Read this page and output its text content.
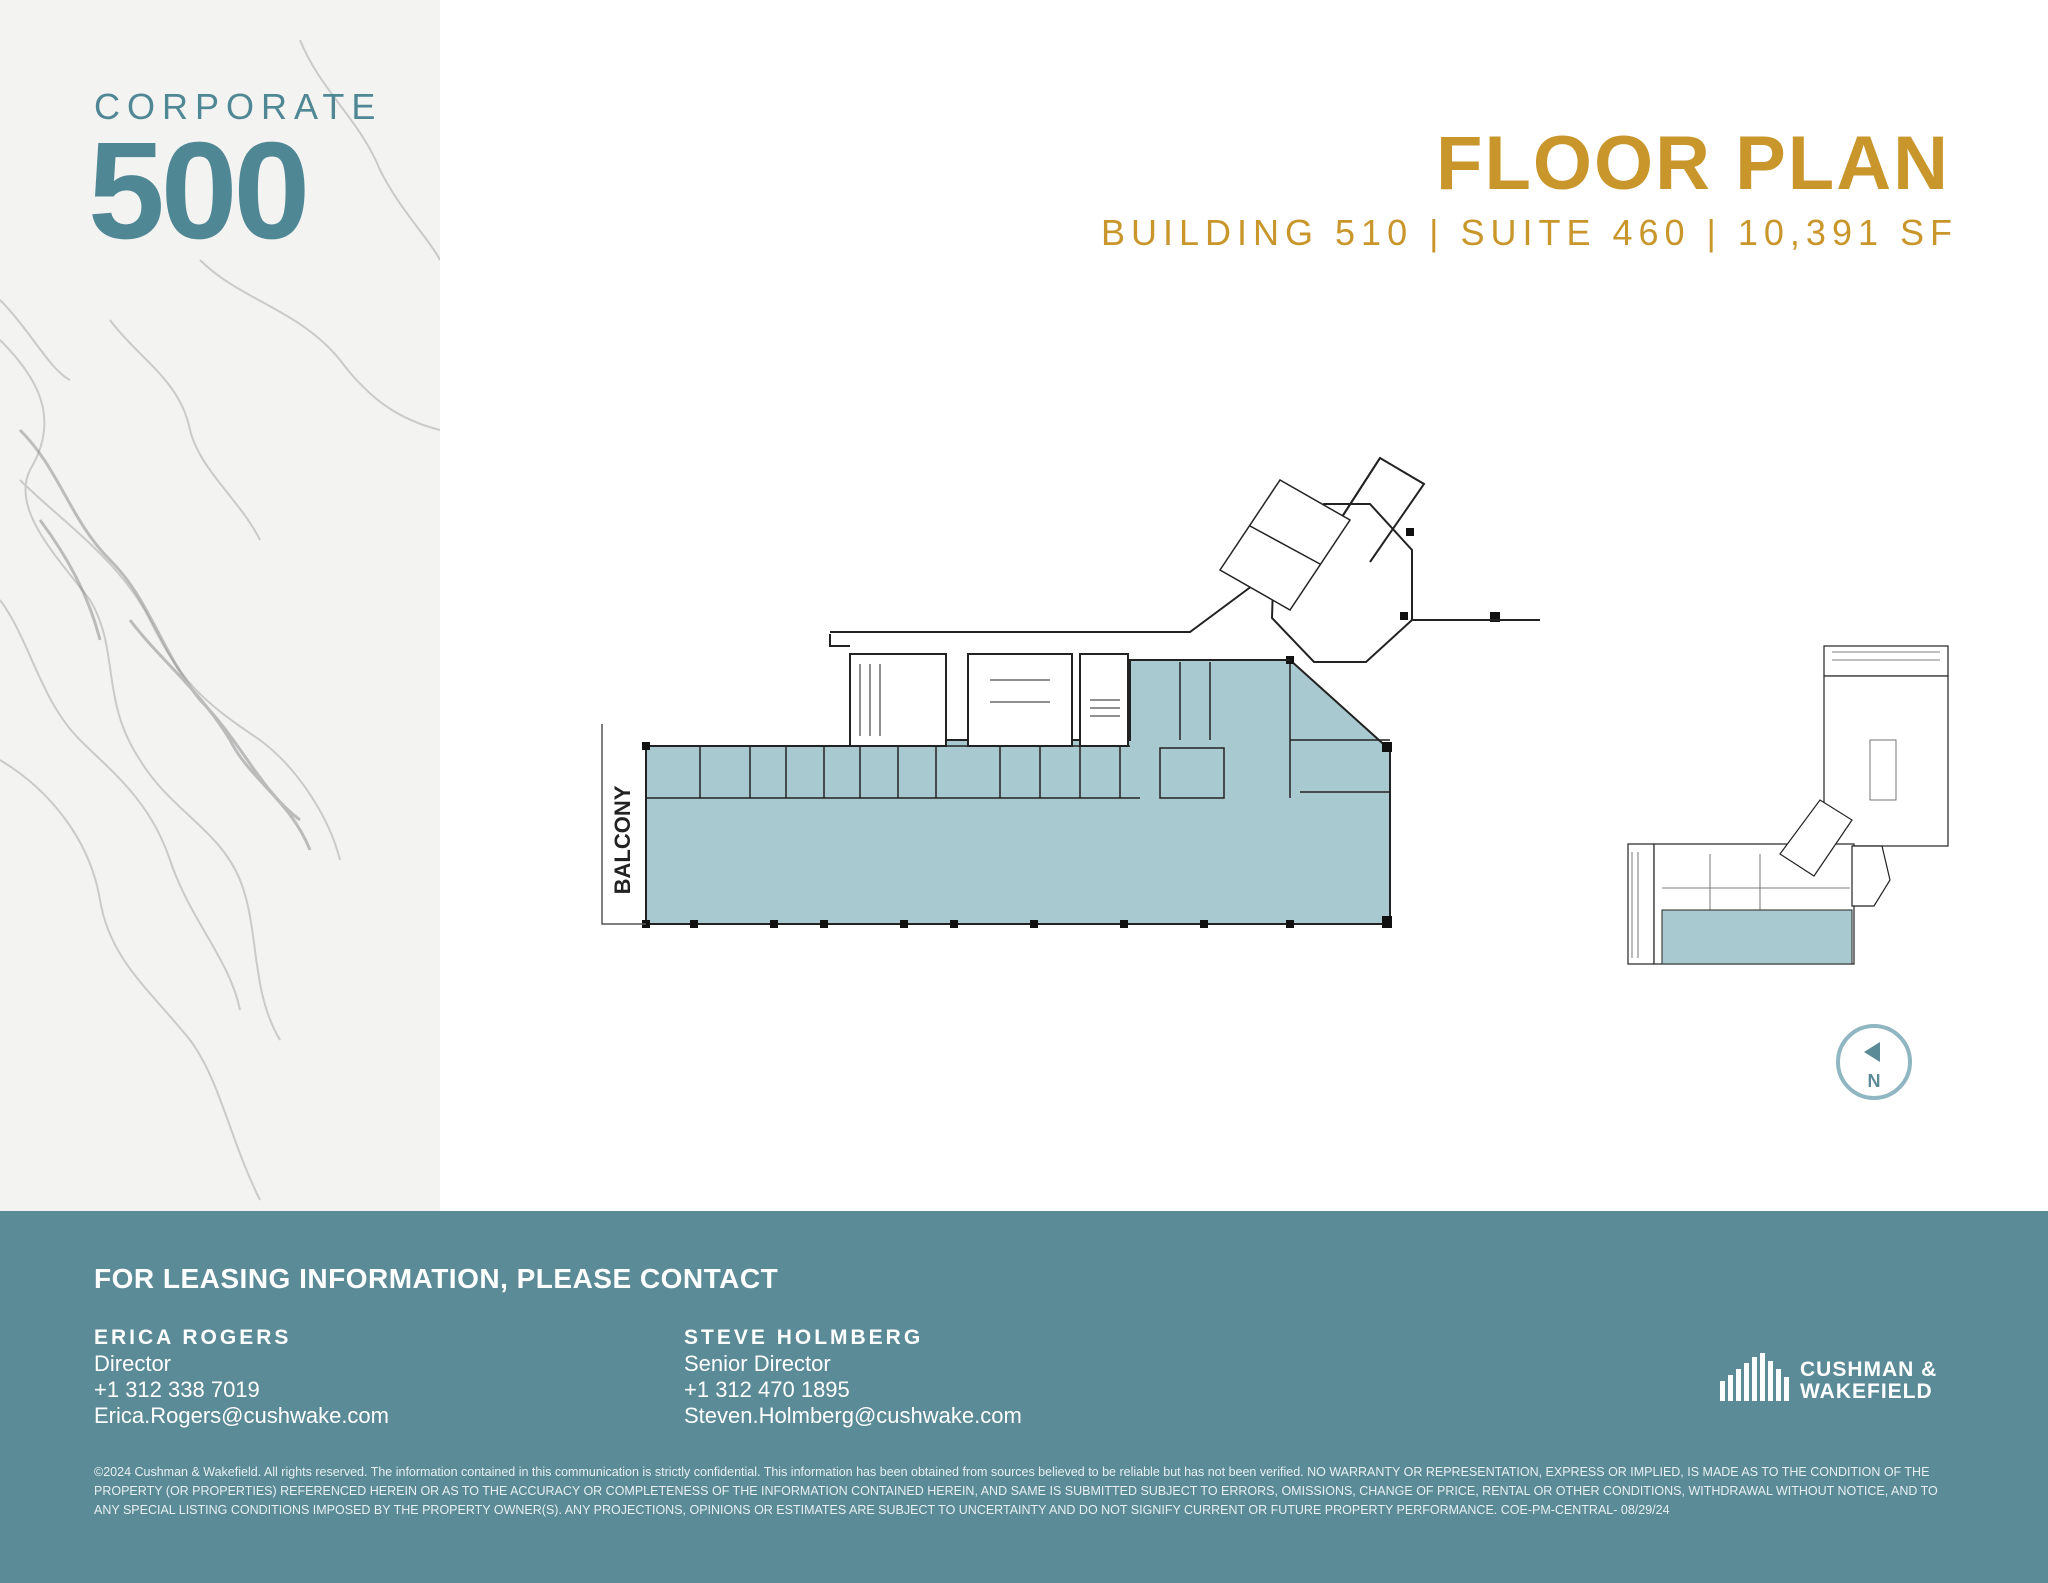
CORPORATE
500	FLOOR PLAN
BUILDING 510 | SUITE 460 | 10,391 SF
BALCONY
N
FOR LEASING INFORMATION, PLEASE CONTACT
ERICA ROGERS
Director
+1 312 338 7019
Erica.Rogers@cushwake.com
STEVE HOLMBERG
Senior Director
+1 312 470 1895
Steven.Holmberg@cushwake.com
CUSHMAN &
WAKEFIELD
©2024 Cushman & Wakefield. All rights reserved. The information contained in this communication is strictly confidential. This information has been obtained from sources believed to be reliable but has not been verified. NO WARRANTY OR REPRESENTATION, EXPRESS OR IMPLIED, IS MADE AS TO THE CONDITION OF THE PROPERTY (OR PROPERTIES) REFERENCED HEREIN OR AS TO THE ACCURACY OR COMPLETENESS OF THE INFORMATION CONTAINED HEREIN, AND SAME IS SUBMITTED SUBJECT TO ERRORS, OMISSIONS, CHANGE OF PRICE, RENTAL OR OTHER CONDITIONS, WITHDRAWAL WITHOUT NOTICE, AND TO ANY SPECIAL LISTING CONDITIONS IMPOSED BY THE PROPERTY OWNER(S). ANY PROJECTIONS, OPINIONS OR ESTIMATES ARE SUBJECT TO UNCERTAINTY AND DO NOT SIGNIFY CURRENT OR FUTURE PROPERTY PERFORMANCE. COE-PM-CENTRAL- 08/29/24
